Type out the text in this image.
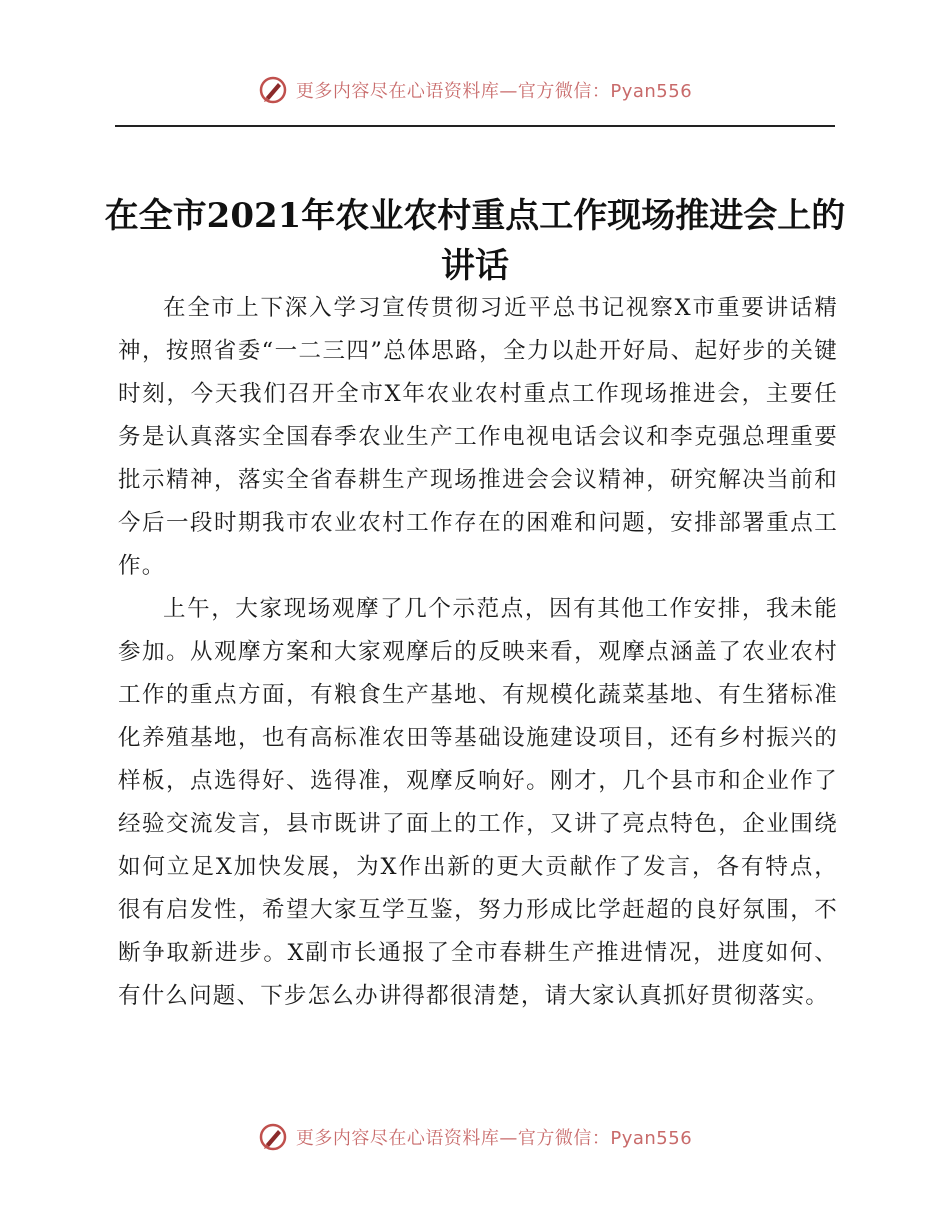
更多内容尽在心语资料库—官方微信：Pyan556
在全市2021年农业农村重点工作现场推进会上的讲话

在全市上下深入学习宣传贯彻习近平总书记视察X市重要讲话精神，按照省委“一二三四”总体思路，全力以赴开好局、起好步的关键时刻，今天我们召开全市X年农业农村重点工作现场推进会，主要任务是认真落实全国春季农业生产工作电视电话会议和李克强总理重要批示精神，落实全省春耕生产现场推进会会议精神，研究解决当前和今后一段时期我市农业农村工作存在的困难和问题，安排部署重点工作。

上午，大家现场观摩了几个示范点，因有其他工作安排，我未能参加。从观摩方案和大家观摩后的反映来看，观摩点涵盖了农业农村工作的重点方面，有粮食生产基地、有规模化蔬菜基地、有生猪标准化养殖基地，也有高标准农田等基础设施建设项目，还有乡村振兴的样板，点选得好、选得准，观摩反响好。刚才，几个县市和企业作了经验交流发言，县市既讲了面上的工作，又讲了亮点特色，企业围绕如何立足X加快发展，为X作出新的更大贡献作了发言，各有特点，很有启发性，希望大家互学互鉴，努力形成比学赶超的良好氛围，不断争取新进步。X副市长通报了全市春耕生产推进情况，进度如何、有什么问题、下步怎么办讲得都很清楚，请大家认真抓好贯彻落实。

更多内容尽在心语资料库—官方微信：Pyan556
